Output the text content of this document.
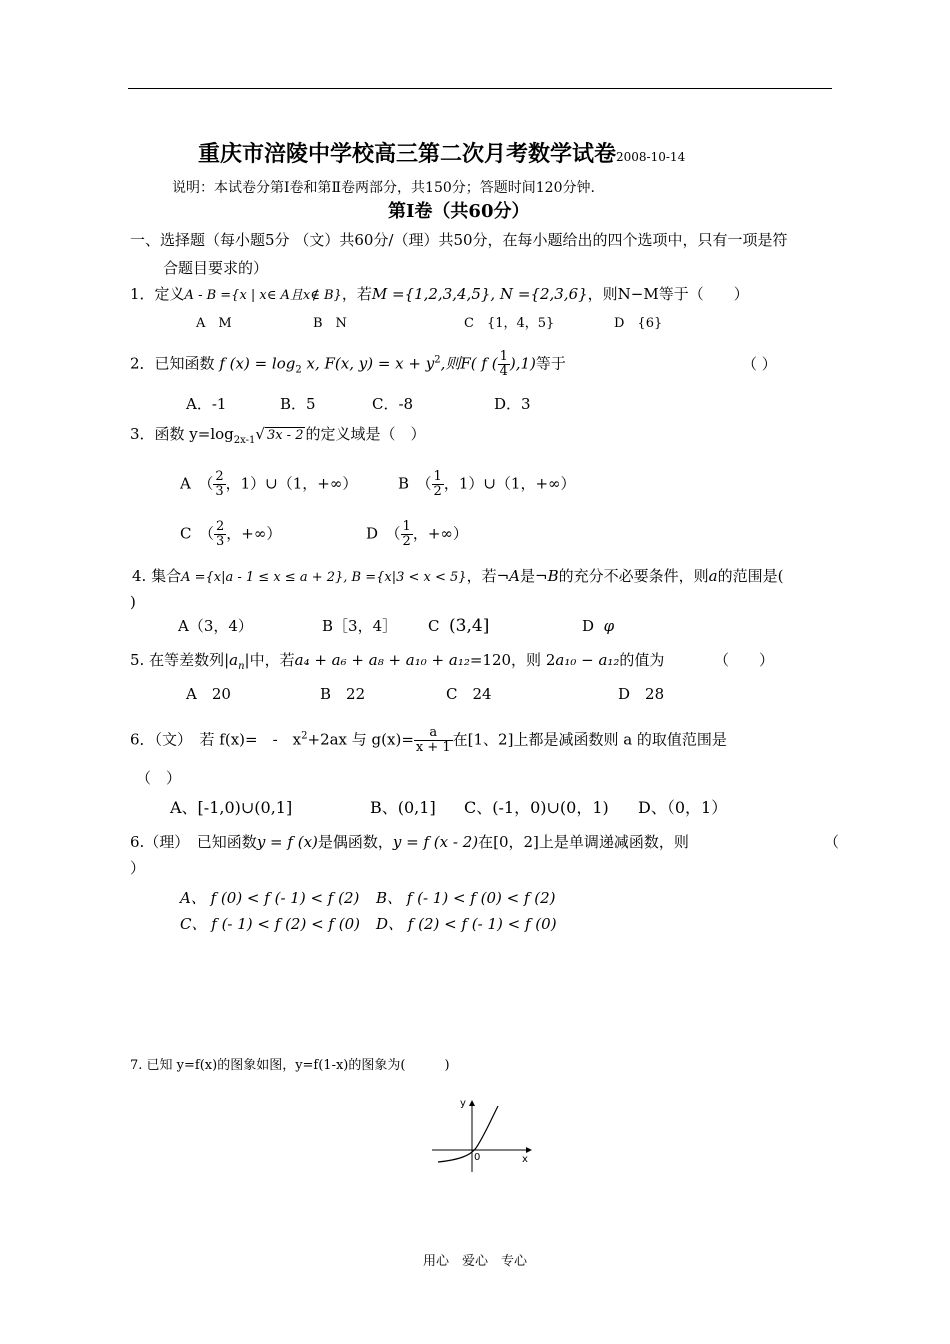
重庆市涪陵中学校高三第二次月考数学试卷2008-10-14
说明：本试卷分第Ⅰ卷和第Ⅱ卷两部分，共150分；答题时间120分钟.
第Ⅰ卷（共60分）
一、选择题（每小题5分 （文）共60分/（理）共50分，在每小题给出的四个选项中，只有一项是符
合题目要求的）
1．定义A - B ={x | x∈ A且x∉ B}，若M ={1,2,3,4,5}, N ={2,3,6}，则N−M等于（　　）
A　M	B　N	C　{1，4，5}	D　{6}
2．已知函数 f $(x) = \log_2 x$, F(x, $y) = x + y^2$,则F( f ( $\frac{1}{4} ),1$)等于	（ ）
A．-1	B．5	C．-8	D．3
3．函数 $y=\log_{2x-1}√$ 3x - 2 的定义域是（　）
A　（ $\frac{2}{3}$ ，1）∪（1，+∞）	B　（ $\frac{1}{2}$ ，1）∪（1，+∞）
C　（ $\frac{2}{3}$ ，+∞）	D　（ $\frac{1}{2}$ ，+∞）
4. 集合A ={x|a - 1 ≤ x ≤ a + 2}, B ={x|3 < x < 5}，若¬A是¬B的充分不必要条件，则a的范围是(
)
A（3，4）	B［3，4］ C (3,4]	D φ
5. 在等差数列$|a_n|$中，若a₄ + a₆ + a₈ + a₁₀ + a₁₂=120，则 2a₁₀ − a₁₂的值为	（　　）
A　20	B　22	C　24	D　28
6．（文）　若 f(x)=　-　$x^2+2ax$ 与 $g(x)= \frac{a}{x + 1}$ 在[1、2]上都是减函数则 a 的取值范围是
（　）
A、[-1,0)∪(0,1]	B、(0,1] C、(-1，0)∪(0，1) D、（0，1）
6.（理）　已知函数y = f (x)是偶函数，y = f (x - 2)在[0，2]上是单调递减函数，则	（
）
A、 f (0) < f (- 1) < f (2) B、 f (- 1) < f (0) < f (2)
C、 f (- 1) < f (2) < f (0) D、 f (2) < f (- 1) < f (0)
7. 已知 y=f(x)的图象如图，y=f(1-x)的图象为(　　　)
y
x
0
用心　爱心　专心
